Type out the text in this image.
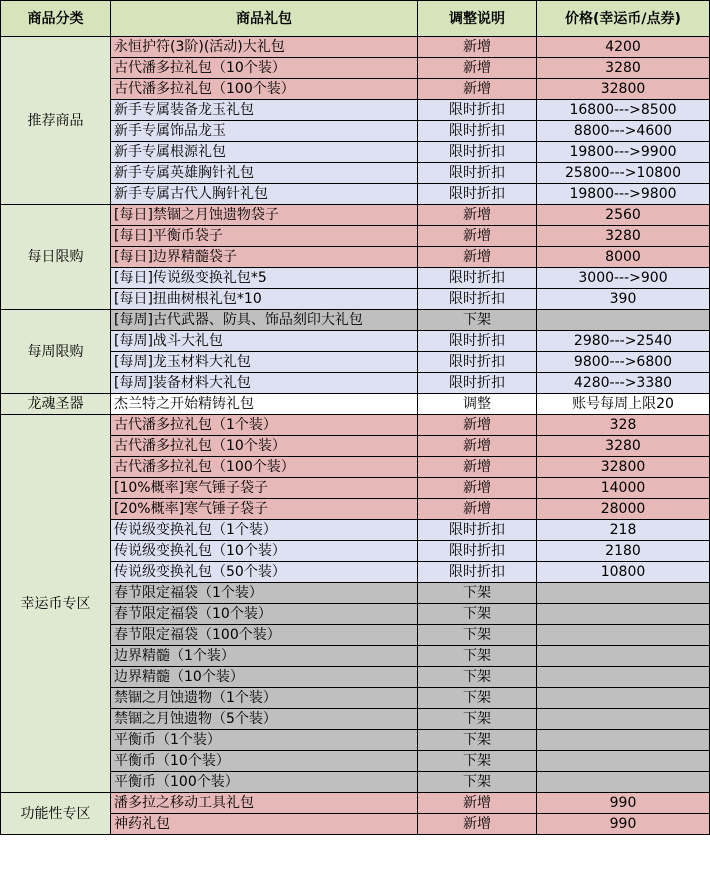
商品分类	商品礼包	调整说明	价格(幸运币/点券)
推荐商品	永恒护符(3阶)(活动)大礼包	新增	4200
	古代潘多拉礼包（10个装）	新增	3280
	古代潘多拉礼包（100个装）	新增	32800
	新手专属装备龙玉礼包	限时折扣	16800--->8500
	新手专属饰品龙玉	限时折扣	8800--->4600
	新手专属根源礼包	限时折扣	19800--->9900
	新手专属英雄胸针礼包	限时折扣	25800--->10800
	新手专属古代人胸针礼包	限时折扣	19800--->9800
每日限购	[每日]禁锢之月蚀遗物袋子	新增	2560
	[每日]平衡币袋子	新增	3280
	[每日]边界精髓袋子	新增	8000
	[每日]传说级变换礼包*5	限时折扣	3000--->900
	[每日]扭曲树根礼包*10	限时折扣	390
每周限购	[每周]古代武器、防具、饰品刻印大礼包	下架	
	[每周]战斗大礼包	限时折扣	2980--->2540
	[每周]龙玉材料大礼包	限时折扣	9800--->6800
	[每周]装备材料大礼包	限时折扣	4280--->3380
龙魂圣器	杰兰特之开始精铸礼包	调整	账号每周上限20
幸运币专区	古代潘多拉礼包（1个装）	新增	328
	古代潘多拉礼包（10个装）	新增	3280
	古代潘多拉礼包（100个装）	新增	32800
	[10%概率]寒气锤子袋子	新增	14000
	[20%概率]寒气锤子袋子	新增	28000
	传说级变换礼包（1个装）	限时折扣	218
	传说级变换礼包（10个装）	限时折扣	2180
	传说级变换礼包（50个装）	限时折扣	10800
	春节限定福袋（1个装）	下架	
	春节限定福袋（10个装）	下架	
	春节限定福袋（100个装）	下架	
	边界精髓（1个装）	下架	
	边界精髓（10个装）	下架	
	禁锢之月蚀遗物（1个装）	下架	
	禁锢之月蚀遗物（5个装）	下架	
	平衡币（1个装）	下架	
	平衡币（10个装）	下架	
	平衡币（100个装）	下架	
功能性专区	潘多拉之移动工具礼包	新增	990
	神药礼包	新增	990
